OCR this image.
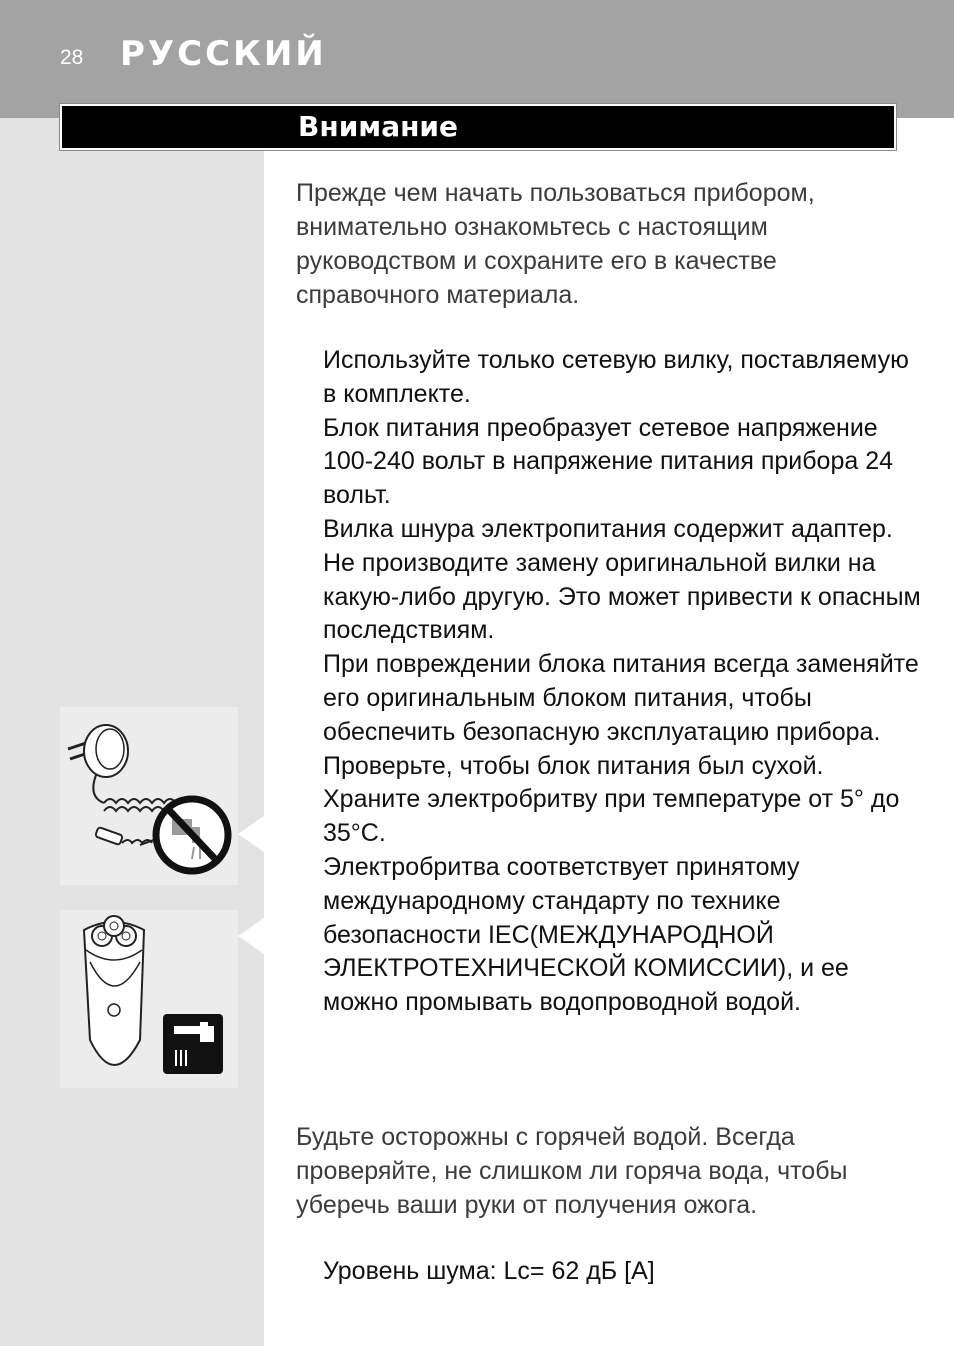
28 РУССКИЙ
Внимание
Прежде чем начать пользоваться прибором, внимательно ознакомьтесь с настоящим руководством и сохраните его в качестве справочного материала.

Используйте только сетевую вилку, поставляемую в комплекте.

Блок питания преобразует сетевое напряжение 100-240 вольт в напряжение питания прибора 24 вольт.

Вилка шнура электропитания содержит адаптер. Не производите замену оригинальной вилки на какую-либо другую. Это может привести к опасным последствиям.

При повреждении блока питания всегда заменяйте его оригинальным блоком питания, чтобы обеспечить безопасную эксплуатацию прибора.

Проверьте, чтобы блок питания был сухой.

Храните электробритву при температуре от 5° до 35°C.

Электробритва соответствует принятому международному стандарту по технике безопасности IEC(МЕЖДУНАРОДНОЙ ЭЛЕКТРОТЕХНИЧЕСКОЙ КОМИССИИ), и ее можно промывать водопроводной водой.

Будьте осторожны с горячей водой. Всегда проверяйте, не слишком ли горяча вода, чтобы уберечь ваши руки от получения ожога.
Уровень шума: Lc= 62 дБ [A]
